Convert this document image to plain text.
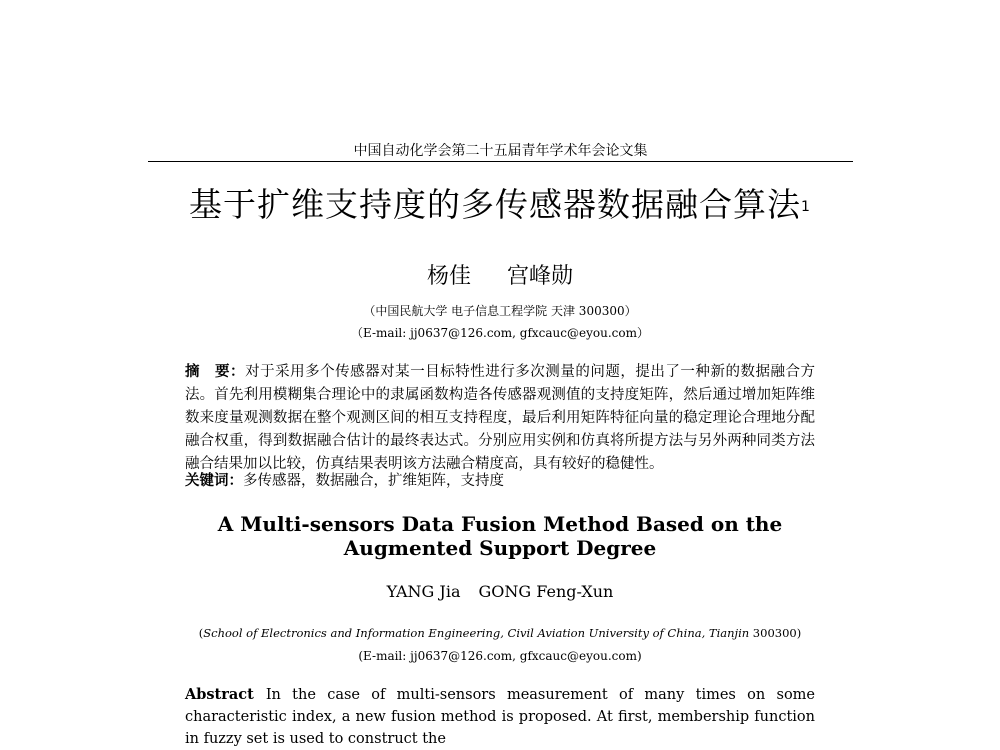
中国自动化学会第二十五届青年学术年会论文集
基于扩维支持度的多传感器数据融合算法$^1$
杨佳 宫峰勋
（中国民航大学 电子信息工程学院 天津 300300）
（E-mail: jj0637@126.com, gfxcauc@eyou.com）
摘　要：对于采用多个传感器对某一目标特性进行多次测量的问题，提出了一种新的数据融合方法。首先利用模糊集合理论中的隶属函数构造各传感器观测值的支持度矩阵，然后通过增加矩阵维数来度量观测数据在整个观测区间的相互支持程度，最后利用矩阵特征向量的稳定理论合理地分配融合权重，得到数据融合估计的最终表达式。分别应用实例和仿真将所提方法与另外两种同类方法融合结果加以比较，仿真结果表明该方法融合精度高，具有较好的稳健性。
关键词：多传感器，数据融合，扩维矩阵，支持度
A Multi-sensors Data Fusion Method Based on the
Augmented Support Degree
YANG Jia GONG Feng-Xun
(School of Electronics and Information Engineering, Civil Aviation University of China, Tianjin 300300)
(E-mail: jj0637@126.com, gfxcauc@eyou.com)
Abstract In the case of multi-sensors measurement of many times on some characteristic index, a new fusion method is proposed. At first, membership function in fuzzy set is used to construct the
